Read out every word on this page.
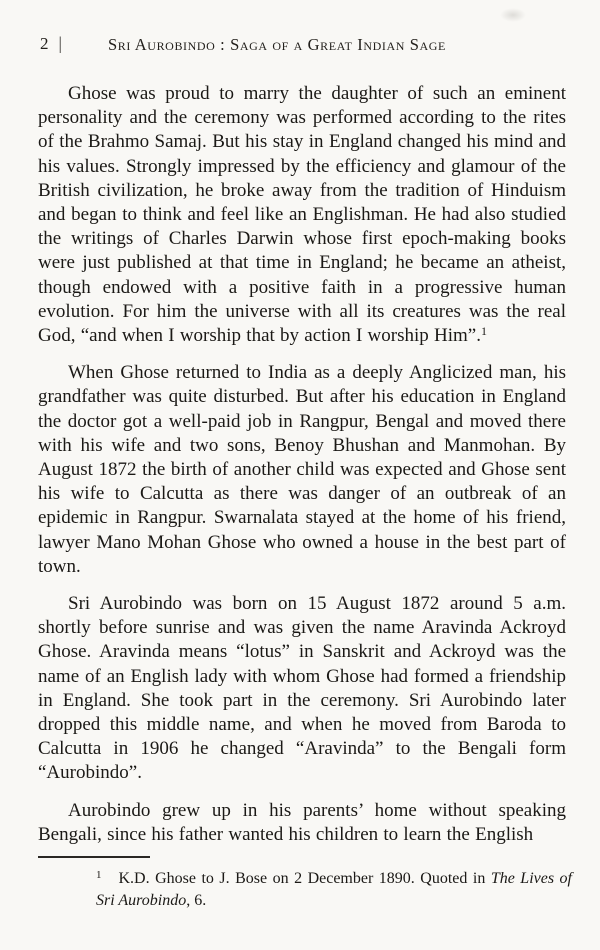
2 |	Sri Aurobindo : Saga of a Great Indian Sage

Ghose was proud to marry the daughter of such an eminent personality and the ceremony was performed according to the rites of the Brahmo Samaj. But his stay in England changed his mind and his values. Strongly impressed by the efficiency and glamour of the British civilization, he broke away from the tradition of Hinduism and began to think and feel like an Englishman. He had also studied the writings of Charles Darwin whose first epoch-making books were just published at that time in England; he became an atheist, though endowed with a positive faith in a progressive human evolution. For him the universe with all its creatures was the real God, “and when I worship that by action I worship Him”.$^1$

When Ghose returned to India as a deeply Anglicized man, his grandfather was quite disturbed. But after his education in England the doctor got a well-paid job in Rangpur, Bengal and moved there with his wife and two sons, Benoy Bhushan and Manmohan. By August 1872 the birth of another child was expected and Ghose sent his wife to Calcutta as there was danger of an outbreak of an epidemic in Rangpur. Swarnalata stayed at the home of his friend, lawyer Mano Mohan Ghose who owned a house in the best part of town.

Sri Aurobindo was born on 15 August 1872 around 5 a.m. shortly before sunrise and was given the name Aravinda Ackroyd Ghose. Aravinda means “lotus” in Sanskrit and Ackroyd was the name of an English lady with whom Ghose had formed a friendship in England. She took part in the ceremony. Sri Aurobindo later dropped this middle name, and when he moved from Baroda to Calcutta in 1906 he changed “Aravinda” to the Bengali form “Aurobindo”.

Aurobindo grew up in his parents’ home without speaking Bengali, since his father wanted his children to learn the English

$^1$ K.D. Ghose to J. Bose on 2 December 1890. Quoted in The Lives of Sri Aurobindo, 6.
